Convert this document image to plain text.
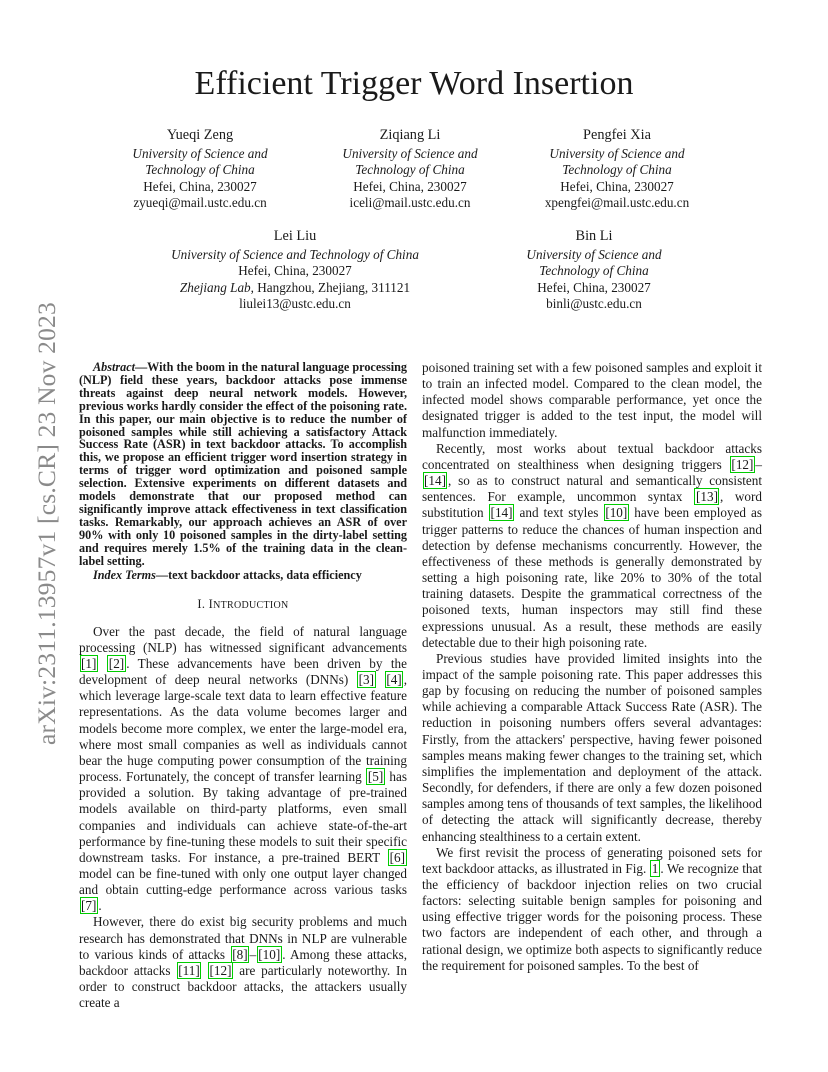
arXiv:2311.13957v1 [cs.CR] 23 Nov 2023
Efficient Trigger Word Insertion
Yueqi Zeng
University of Science and
Technology of China
Hefei, China, 230027
zyueqi@mail.ustc.edu.cn
Ziqiang Li
University of Science and
Technology of China
Hefei, China, 230027
iceli@mail.ustc.edu.cn
Pengfei Xia
University of Science and
Technology of China
Hefei, China, 230027
xpengfei@mail.ustc.edu.cn
Lei Liu
University of Science and Technology of China
Hefei, China, 230027
Zhejiang Lab, Hangzhou, Zhejiang, 311121
liulei13@ustc.edu.cn
Bin Li
University of Science and
Technology of China
Hefei, China, 230027
binli@ustc.edu.cn

Abstract—With the boom in the natural language processing (NLP) field these years, backdoor attacks pose immense threats against deep neural network models. However, previous works hardly consider the effect of the poisoning rate. In this paper, our main objective is to reduce the number of poisoned samples while still achieving a satisfactory Attack Success Rate (ASR) in text backdoor attacks. To accomplish this, we propose an efficient trigger word insertion strategy in terms of trigger word optimization and poisoned sample selection. Extensive experiments on different datasets and models demonstrate that our proposed method can significantly improve attack effectiveness in text classification tasks. Remarkably, our approach achieves an ASR of over 90% with only 10 poisoned samples in the dirty-label setting and requires merely 1.5% of the training data in the clean-label setting.

Index Terms—text backdoor attacks, data efficiency

I. INTRODUCTION

Over the past decade, the field of natural language processing (NLP) has witnessed significant advancements [1] [2] . These advancements have been driven by the development of deep neural networks (DNNs) [3] [4] , which leverage large-scale text data to learn effective feature representations. As the data volume becomes larger and models become more complex, we enter the large-model era, where most small companies as well as individuals cannot bear the huge computing power consumption of the training process. Fortunately, the concept of transfer learning [5] has provided a solution. By taking advantage of pre-trained models available on third-party platforms, even small companies and individuals can achieve state-of-the-art performance by fine-tuning these models to suit their specific downstream tasks. For instance, a pre-trained BERT [6] model can be fine-tuned with only one output layer changed and obtain cutting-edge performance across various tasks [7] .

However, there do exist big security problems and much research has demonstrated that DNNs in NLP are vulnerable to various kinds of attacks [8] – [10] . Among these attacks, backdoor attacks [11] [12] are particularly noteworthy. In order to construct backdoor attacks, the attackers usually create a

poisoned training set with a few poisoned samples and exploit it to train an infected model. Compared to the clean model, the infected model shows comparable performance, yet once the designated trigger is added to the test input, the model will malfunction immediately.

Recently, most works about textual backdoor attacks concentrated on stealthiness when designing triggers [12] –[14] , so as to construct natural and semantically consistent sentences. For example, uncommon syntax [13] , word substitution [14] and text styles [10] have been employed as trigger patterns to reduce the chances of human inspection and detection by defense mechanisms concurrently. However, the effectiveness of these methods is generally demonstrated by setting a high poisoning rate, like 20% to 30% of the total training datasets. Despite the grammatical correctness of the poisoned texts, human inspectors may still find these expressions unusual. As a result, these methods are easily detectable due to their high poisoning rate.

Previous studies have provided limited insights into the impact of the sample poisoning rate. This paper addresses this gap by focusing on reducing the number of poisoned samples while achieving a comparable Attack Success Rate (ASR). The reduction in poisoning numbers offers several advantages: Firstly, from the attackers' perspective, having fewer poisoned samples means making fewer changes to the training set, which simplifies the implementation and deployment of the attack. Secondly, for defenders, if there are only a few dozen poisoned samples among tens of thousands of text samples, the likelihood of detecting the attack will significantly decrease, thereby enhancing stealthiness to a certain extent.

We first revisit the process of generating poisoned sets for text backdoor attacks, as illustrated in Fig. 1 . We recognize that the efficiency of backdoor injection relies on two crucial factors: selecting suitable benign samples for poisoning and using effective trigger words for the poisoning process. These two factors are independent of each other, and through a rational design, we optimize both aspects to significantly reduce the requirement for poisoned samples. To the best of
